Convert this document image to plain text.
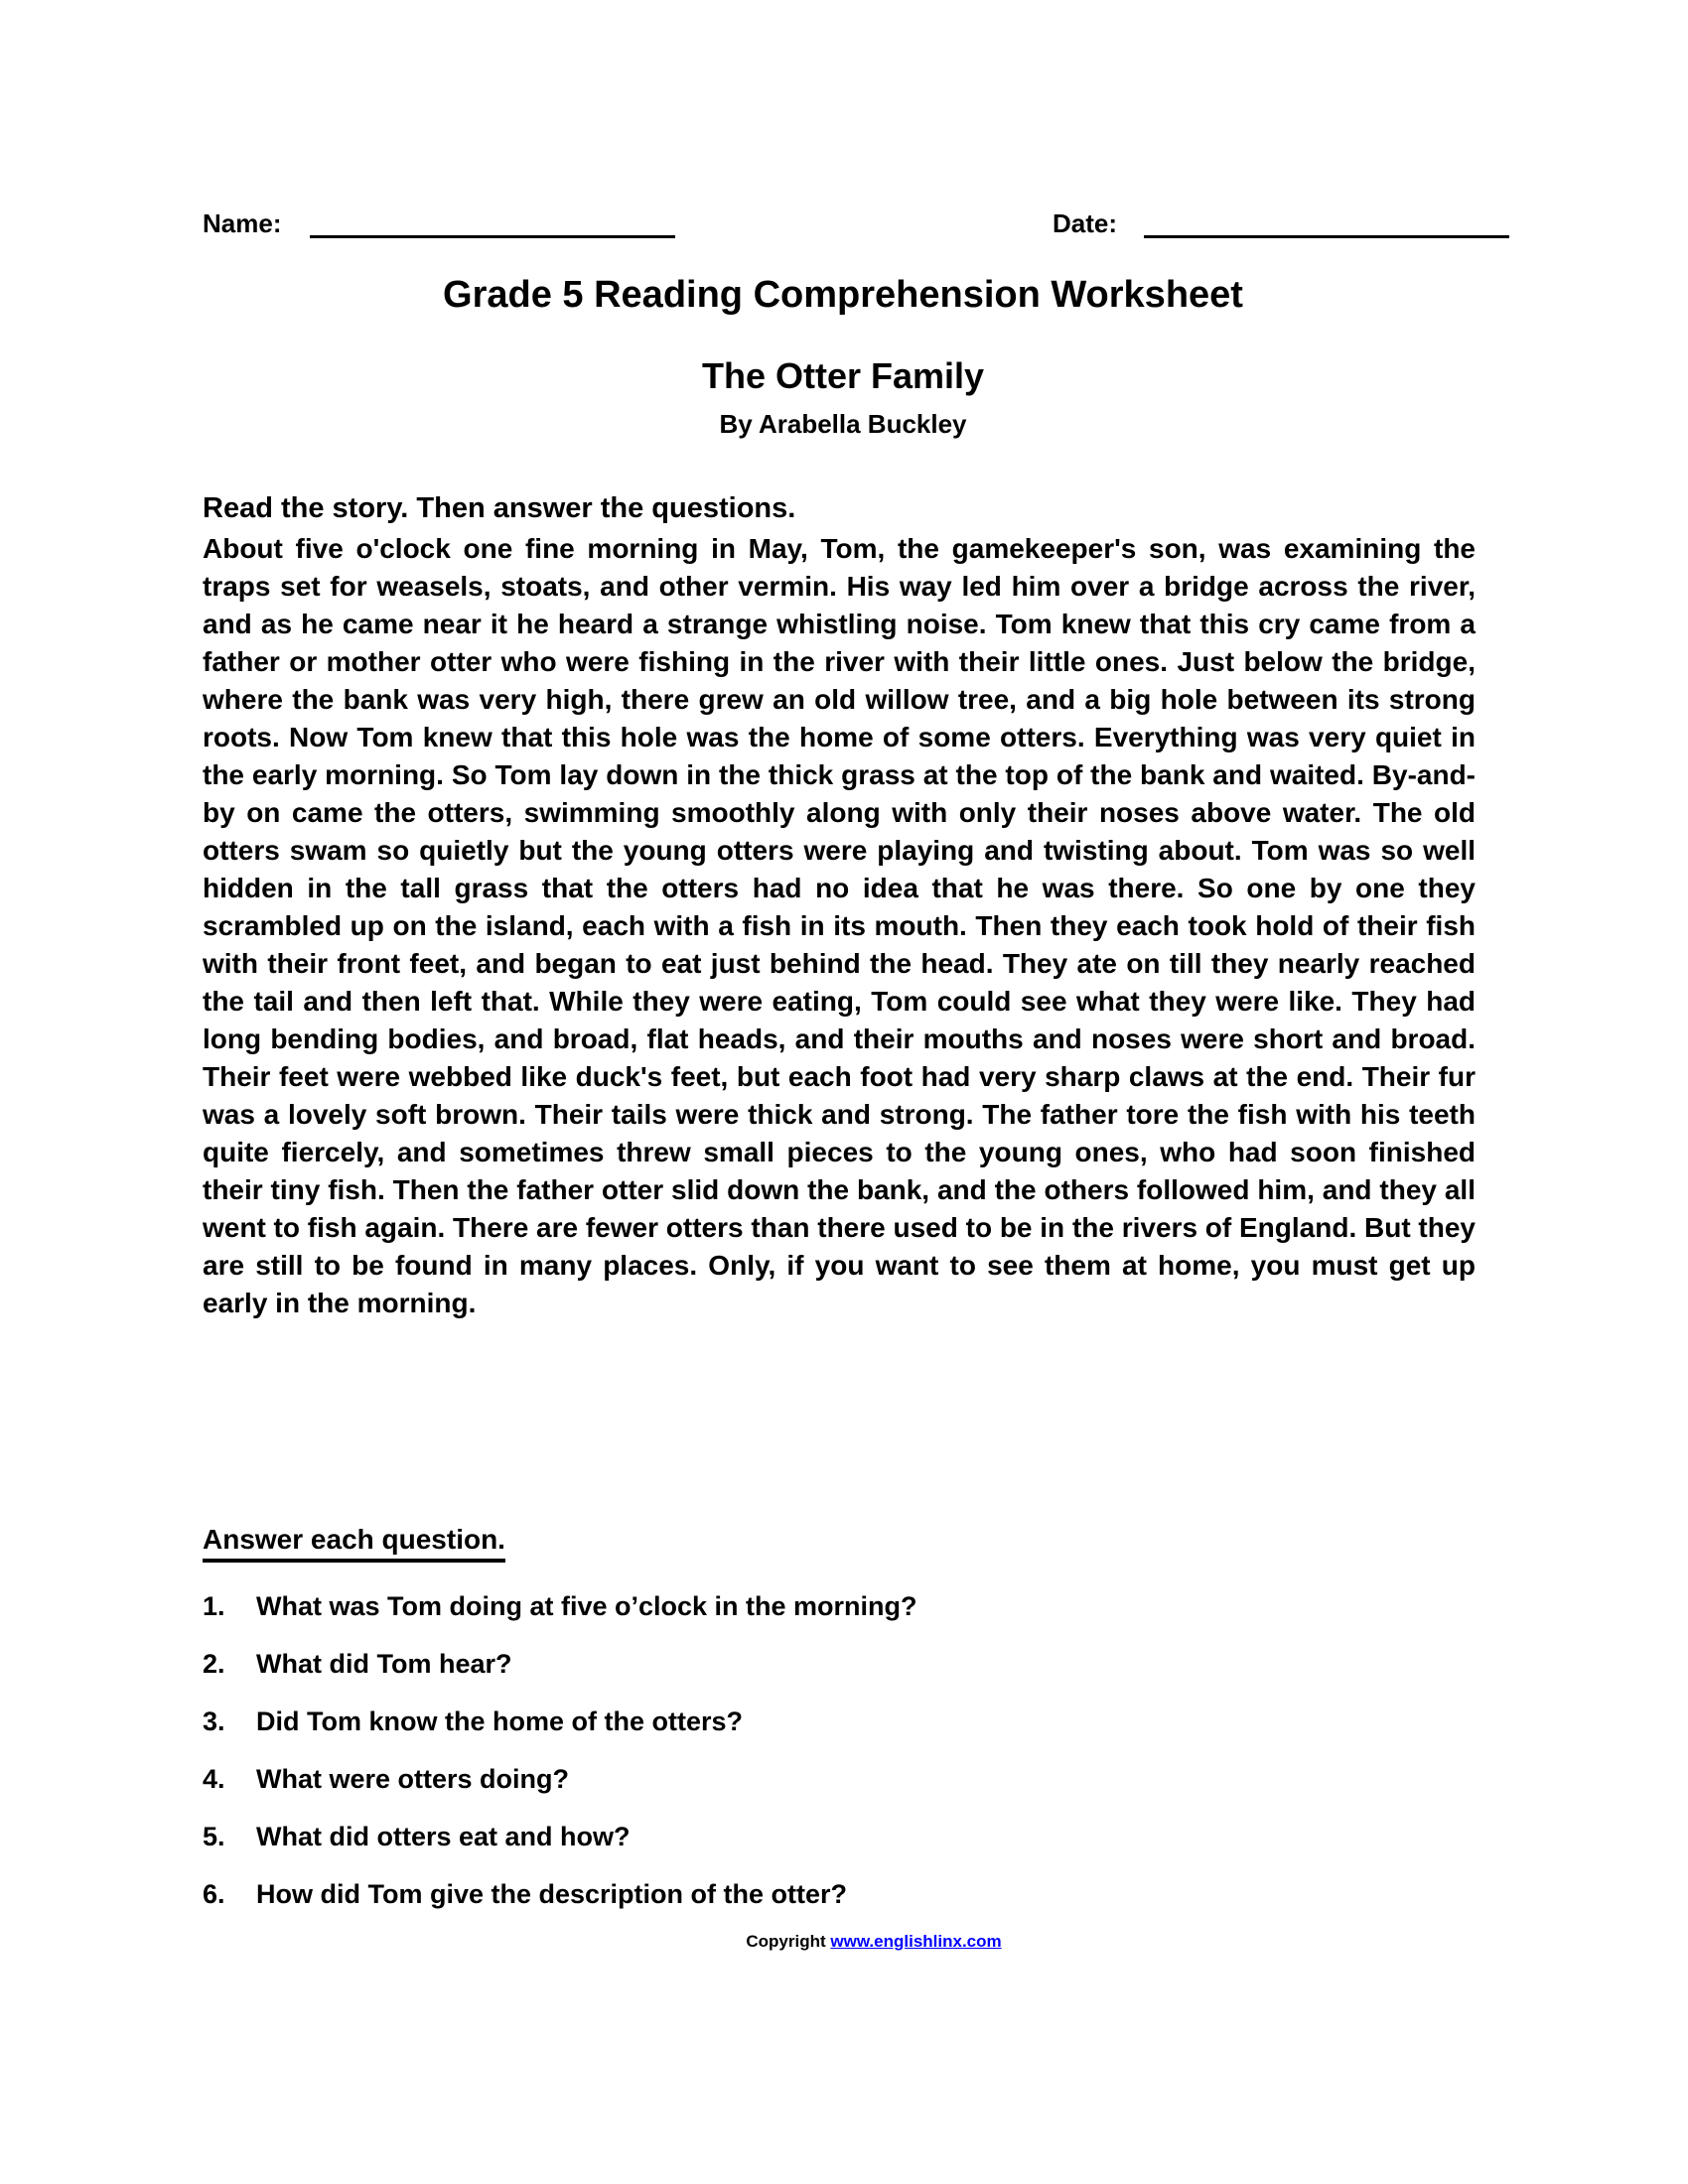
Name:	Date:
Grade 5 Reading Comprehension Worksheet
The Otter Family
By Arabella Buckley
Read the story. Then answer the questions.
About five o'clock one fine morning in May, Tom, the gamekeeper's son, was examining the traps set for weasels, stoats, and other vermin. His way led him over a bridge across the river, and as he came near it he heard a strange whistling noise. Tom knew that this cry came from a father or mother otter who were fishing in the river with their little ones. Just below the bridge, where the bank was very high, there grew an old willow tree, and a big hole between its strong roots. Now Tom knew that this hole was the home of some otters. Everything was very quiet in the early morning. So Tom lay down in the thick grass at the top of the bank and waited. By-and-by on came the otters, swimming smoothly along with only their noses above water. The old otters swam so quietly but the young otters were playing and twisting about. Tom was so well hidden in the tall grass that the otters had no idea that he was there. So one by one they scrambled up on the island, each with a fish in its mouth. Then they each took hold of their fish with their front feet, and began to eat just behind the head. They ate on till they nearly reached the tail and then left that. While they were eating, Tom could see what they were like. They had long bending bodies, and broad, flat heads, and their mouths and noses were short and broad. Their feet were webbed like duck's feet, but each foot had very sharp claws at the end. Their fur was a lovely soft brown. Their tails were thick and strong. The father tore the fish with his teeth quite fiercely, and sometimes threw small pieces to the young ones, who had soon finished their tiny fish. Then the father otter slid down the bank, and the others followed him, and they all went to fish again. There are fewer otters than there used to be in the rivers of England. But they are still to be found in many places. Only, if you want to see them at home, you must get up early in the morning.
Answer each question.
1.	What was Tom doing at five o’clock in the morning?
2.	What did Tom hear?
3.	Did Tom know the home of the otters?
4.	What were otters doing?
5.	What did otters eat and how?
6.	How did Tom give the description of the otter?
Copyright www.englishlinx.com
